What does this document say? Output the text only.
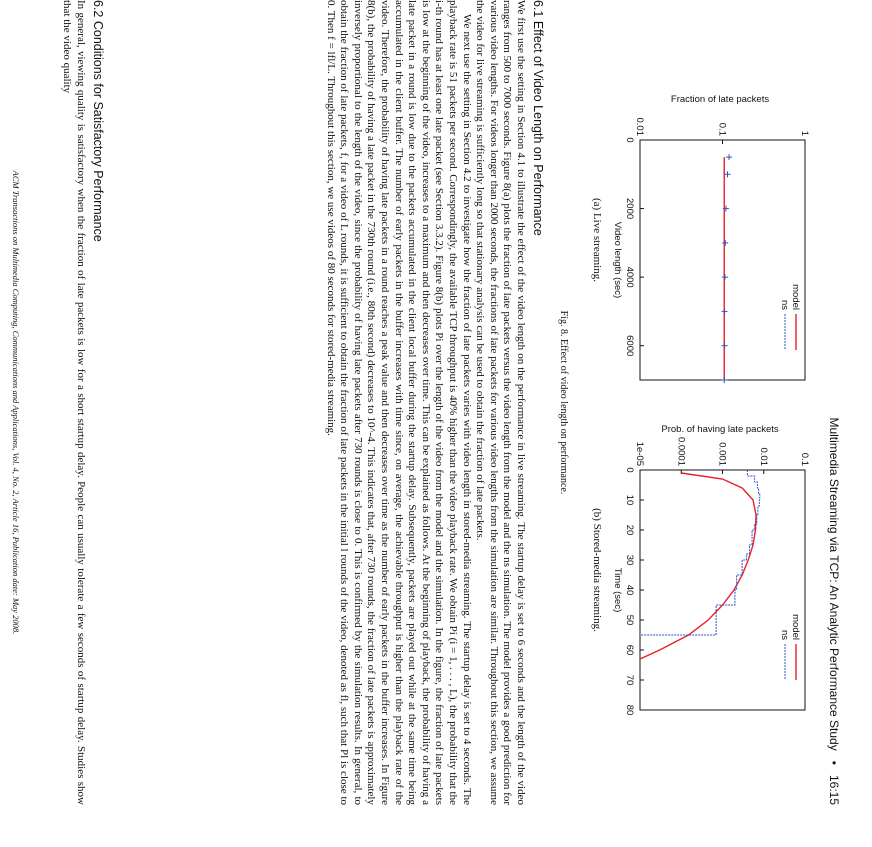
Multimedia Streaming via TCP: An Analytic Performance Study   •   16:15
Fraction of late packets
Video length (sec)
1
0.1
0.01
0
2000
4000
6000
model
ns
(a) Live streaming.
Prob. of having late packets
Time (sec)
0.1
0.01
0.001
0.0001
1e-05
0
10
20
30
40
50
60
70
80
model
ns
(b) Stored-media streaming.
Fig. 8. Effect of video length on performance.
6.1 Effect of Video Length on Performance

We first use the setting in Section 4.1 to illustrate the effect of the video length on the performance in live streaming. The startup delay is set to 6 seconds and the length of the video ranges from 500 to 7000 seconds. Figure 8(a) plots the fraction of late packets versus the video length from the model and the ns simulation. The model provides a good prediction for various video lengths. For videos longer than 2000 seconds, the fractions of late packets for various video lengths from the simulation are similar. Throughout this section, we assume the video for live streaming is sufficiently long so that stationary analysis can be used to obtain the fraction of late packets.

We next use the setting in Section 4.2 to investigate how the fraction of late packets varies with video length in stored-media streaming. The startup delay is set to 4 seconds. The playback rate is 51 packets per second. Correspondingly, the available TCP throughput is 40% higher than the video playback rate. We obtain Pi (i = 1, . . . , L), the probability that the i-th round has at least one late packet (see Section 3.3.2). Figure 8(b) plots Pi over the length of the video from the model and the simulation. In the figure, the fraction of late packets is low at the beginning of the video, increases to a maximum and then decreases over time. This can be explained as follows. At the beginning of playback, the probability of having a late packet in a round is low due to the packets accumulated in the client local buffer during the startup delay. Subsequently, packets are played out while at the same time being accumulated in the client buffer. The number of early packets in the buffer increases with time since, on average, the achievable throughput is higher than the playback rate of the video. Therefore, the probability of having late packets in a round reaches a peak value and then decreases over time as the number of early packets in the buffer increases. In Figure 8(b), the probability of having a late packet in the 730th round (i.e., 80th second) decreases to 10^-4. This indicates that, after 730 rounds, the fraction of late packets is approximately inversely proportional to the length of the video, since the probability of having late packets after 730 rounds is close to 0. This is confirmed by the simulation results. In general, to obtain the fraction of late packets, f, for a video of L rounds, it is sufficient to obtain the fraction of late packets in the initial l rounds of the video, denoted as fl, such that Pl is close to 0. Then f = lfl/L. Throughout this section, we use videos of 80 seconds for stored-media streaming.

6.2 Conditions for Satisfactory Performance

In general, viewing quality is satisfactory when the fraction of late packets is low for a short startup delay. People can usually tolerate a few seconds of startup delay. Studies show that the video quality

ACM Transactions on Multimedia Computing, Communications and Applications, Vol. 4, No. 2, Article 16, Publication date: May 2008.
